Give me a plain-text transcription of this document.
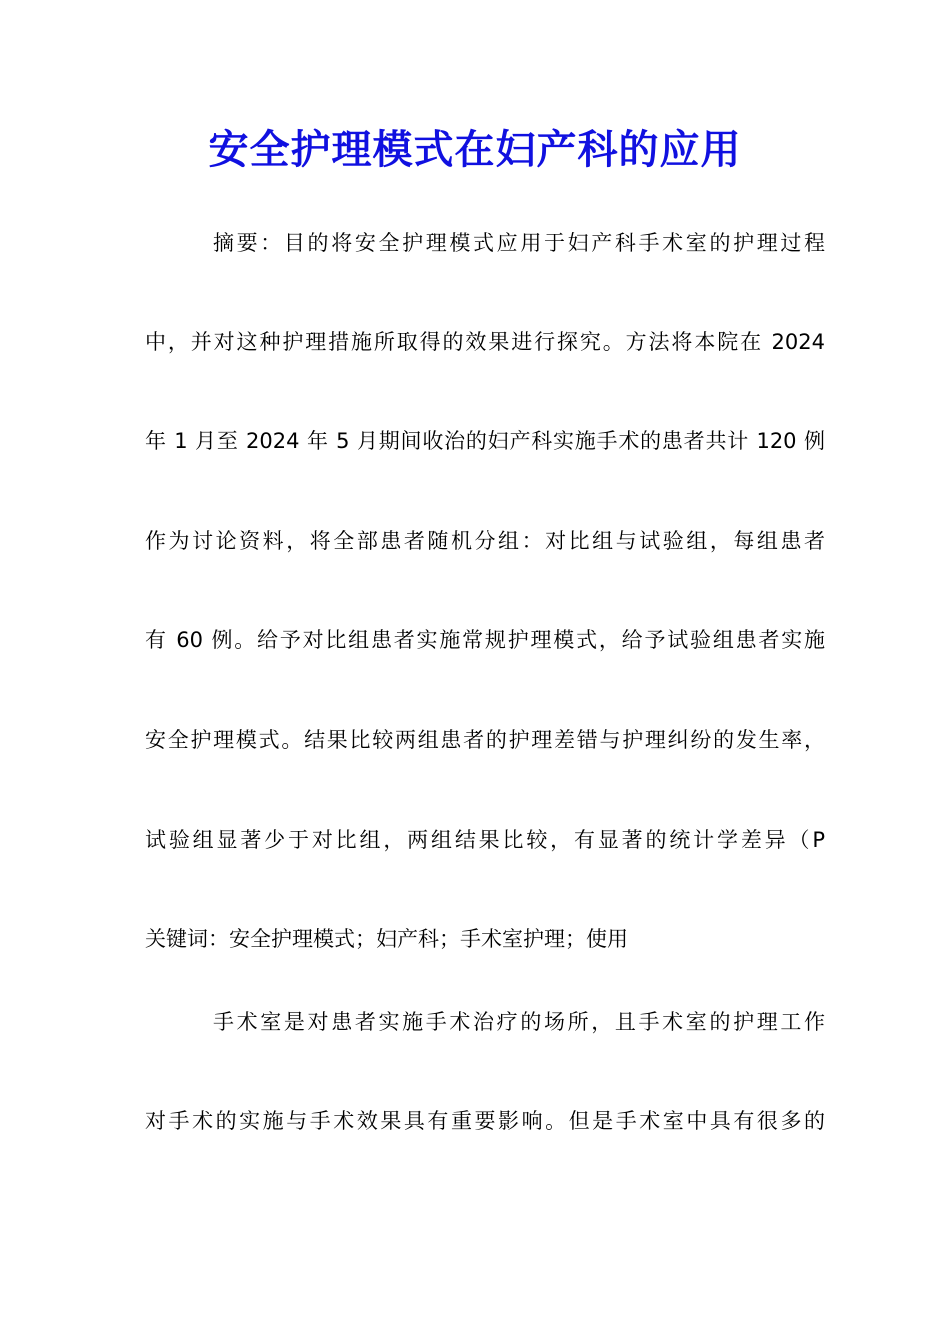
安全护理模式在妇产科的应用
摘要：目的将安全护理模式应用于妇产科手术室的护理过程
中，并对这种护理措施所取得的效果进行探究。方法将本院在 2024
年 1 月至 2024 年 5 月期间收治的妇产科实施手术的患者共计 120 例
作为讨论资料，将全部患者随机分组：对比组与试验组，每组患者
有 60 例。给予对比组患者实施常规护理模式，给予试验组患者实施
安全护理模式。结果比较两组患者的护理差错与护理纠纷的发生率，
试验组显著少于对比组，两组结果比较，有显著的统计学差异（P
关键词：安全护理模式；妇产科；手术室护理；使用
手术室是对患者实施手术治疗的场所，且手术室的护理工作
对手术的实施与手术效果具有重要影响。但是手术室中具有很多的
